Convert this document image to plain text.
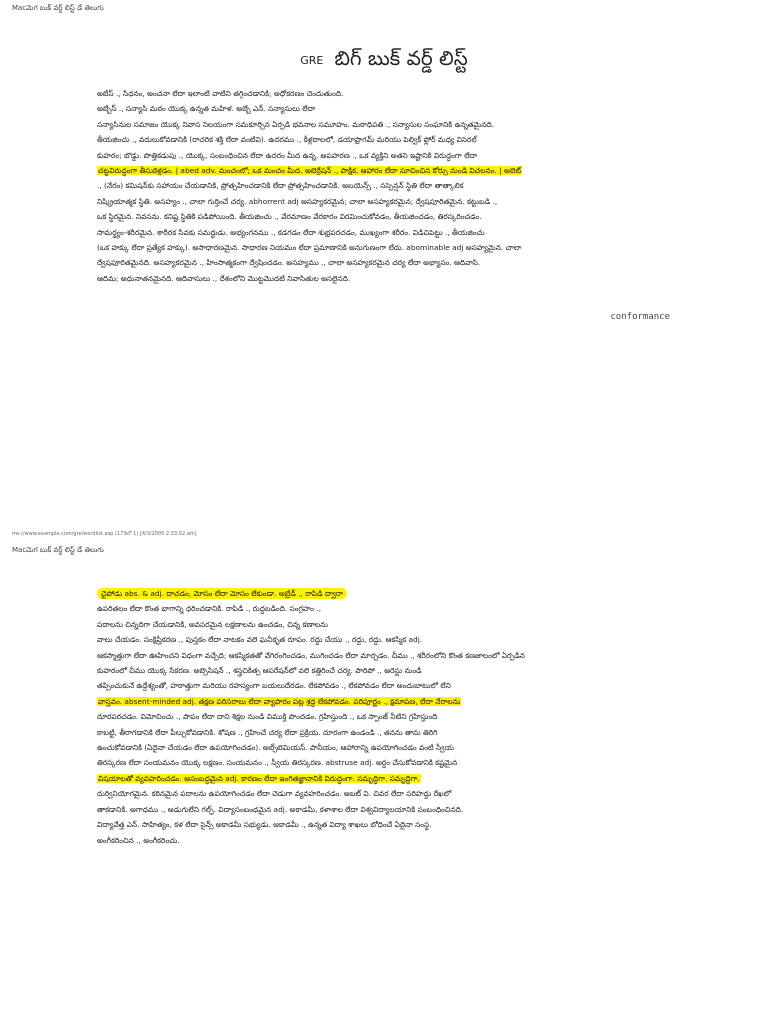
Macమెగ బుక్ వర్డ్ లిస్ట్ డే తెలుగు
GRE బిగ్ బుక్ వర్డ్ లిస్ట్

అబేస్ ., సేధనం, అంచనా లేదా ఇలాంటి వాటిని తగ్గించడానికి; అధోకరణం చెందుతుంది.

అబ్బేస్ ., సన్యాసి మఠం యొక్క ఉన్నత మహిళ. అబ్బే ఎన్. సన్యాసులు లేదా

సన్యాసినుల సమాజం యొక్క నివాస నిలయంగా సమకూర్చిన ఏర్పడి భవనాల సమూహం. మఠాధిపతి ., సన్యాసుల సంఘానికి ఉన్నతమైనది.

తీయజించు ., వదులుకోవడానికి (రాచరిక శక్తి లేదా వంటివి). ఉదరము ., కీళ్లదాలలో, డయాఫ్రాగమ్ మరియు పెల్విక్ ఫ్లోర్ మధ్య విసెరల్

కుహరం; బొడ్డు. పొత్తికడుపు ., యొక్క, సంబంధించిన లేదా ఉదరం మీద ఉన్న. అపహరణ ., ఒక వ్యక్తిని అతని ఇష్టానికి విరుద్ధంగా లేదా

చట్టవిరుద్ధంగా తీసుకెళ్లడం. | abed adv. మంచంలో; ఒక మంచం మీద. అబెర్రేషన్ ., పాక్షిక, ఆహారం లేదా సూచించిన కోర్సు నుండి విచలనం. | అబెట్

., (నేరం) కమిషన్‌కు సహాయం చేయడానికి, ప్రోత్సహించడానికి లేదా ప్రోత్సహించడానికి. అబయెన్స్ ., సస్పెన్షన్ స్థితి లేదా తాత్కాలిక

నిష్క్రియాత్మక స్థితి. అసహ్యం ., చాలా గుర్తించే చర్య. abhorrent adj అసహ్యకరమైన; చాలా అసహ్యకరమైన; ద్వేషపూరితమైన. కట్టుబడి .,

ఒక స్థిరమైన. నివసను. కనిష్ట స్థితికి పడిపోయింది. తీయజించు ., వేరమాణం వేరకారం విరమించుకోవడం, తీయజించడం, తిరస్కరించడం.

సామర్థ్యం-శరీరమైన. శారీరక సేవకు సమర్థుడు. అభ్యంగనము ., కడగడం లేదా శుభ్రపరచడం, ముఖ్యంగా శరీరం. విడిచిపెట్టు ., తీయజించు

(ఒక హక్కు లేదా ప్రత్యేక హక్కు). అసాధారణమైన. సాధారణ నియమం లేదా ప్రమాణానికి అనుగుణంగా లేదు. abominable adj అసహ్యమైన. చాలా

ద్వేషపూరితమైనది. అసహ్యకరమైన ., హింసాత్మకంగా ద్వేషించడం. అసహ్యము ., చాలా అసహ్యకరమైన చర్య లేదా అభ్యాసం. ఆదివాసి.

ఆదిమ; అధునాతనమైనది. ఆదివాసులు ., దేశంలోని మొట్టమొదటి నివాసితుల అసలైనది.

conformance
ms://www.example.com/gre/wordlist.asp (173లో 1) [4/3/2005 2:33:02 am]
Macమెగ బుక్ వర్డ్ లిస్ట్ డే తెలుగు

ఛైపోడు abs. & adj. దాచడం, మోసం లేదా మోసం లేకుండా. అబ్రేడ్ ., రాపిడి ద్వారా

ఉపరితలం లేదా కొంత భాగాన్ని ధరించడానికి. రాపిడి ., రుద్దబడింది. సంగ్రహం .,

పదాలను చిన్నదిగా చేయడానికి, అవసరమైన లక్షణాలను ఉంచడం, చిన్న కణాలను

వాలు చేయడం. సంక్షిప్తీకరణ ., పుస్తకం లేదా నాటకం వలె ఘనీకృత రూపం. రద్దు చేయు ., రద్దు, రద్దు. ఆకస్మిక adj.

ఆకస్మాత్తుగా లేదా ఊహించని విధంగా వచ్చేది; ఆకస్మికతతో వేగిరంగించడం, ముగించడం లేదా మార్చడం. చీము ., శరీరంలోని కొంత కణజాలంలో ఏర్పడిన

కుహరంలో చీము యొక్క సేకరణ. అబ్సెసిషన్ ., శస్త్రచికిత్స ఆపరేషన్‌లో వలె కత్తిరించే చర్య. పారిపో ., అరెస్టు నుండి

తప్పించుకునే ఉద్దేశ్యంతో, హఠాత్తుగా మరియు రహస్యంగా బయలుదేరడం. లేకపోవడం ., లేకపోవడం లేదా అందుబాటులో లేని

వాస్తవం. absent-minded adj. తక్షణ పరిసరాలు లేదా వ్యాపారం పట్ల శ్రద్ధ లేకపోవడం. పరిపూర్ణం ., క్షమాపణ, లేదా నేరాలను

దూరపరచడం. విమోచించు ., పాపం లేదా దాని శిక్షల నుండి విముక్తి పొందడం. గ్రహిస్తుంది ., ఒక స్పాంజ్ నీటిని గ్రహిస్తుంది

కాబట్టి, తీరాగడానికి లేదా పీల్చుకోవడానికి. శోషణ ., గ్రహించే చర్య లేదా ప్రక్రియ. దూరంగా ఉండండి ., తనను తాను తిరిగి

ఉంచుకోవడానికి (ఏదైనా చేయడం లేదా ఉపయోగించడం). అబ్స్‌టెమియస్. పానీయం, ఆహారాన్ని ఉపయోగించడం వంటి స్వీయ

తిరస్కరణ లేదా సంయమనం యొక్క లక్షణం. సంయమనం ., స్వీయ తిరస్కరణ. abstruse adj. అర్థం చేసుకోవడానికి కష్టమైన

విషయాలతో వ్యవహరించడం. అసంబద్ధమైన adj. కారణం లేదా ఇంగితజ్ఞానానికి విరుద్ధంగా. సమృద్ధిగా. సమృద్ధిగా.

దుర్వినియోగమైన. కఠినమైన పదాలను ఉపయోగించడం లేదా చెడుగా వ్యవహరించడం. అబట్ వి. చివర లేదా సరిహద్దు రేఖలో

తాకడానికి. అగాధము ., అడుగులేని గల్ఫ్. విద్యాసంబంధమైన adj. అకాడమీ, కళాశాల లేదా విశ్వవిద్యాలయానికి సంబంధించినది.

విద్యావేత్త ఎన్. సాహిత్యం, కళ లేదా సైన్స్ అకాడమీ సభ్యుడు. అకాడమీ ., ఉన్నత విద్యా శాఖలు బోధించే ఏదైనా సంస్థ.

అంగీకరించిన ., అంగీకరించు.
